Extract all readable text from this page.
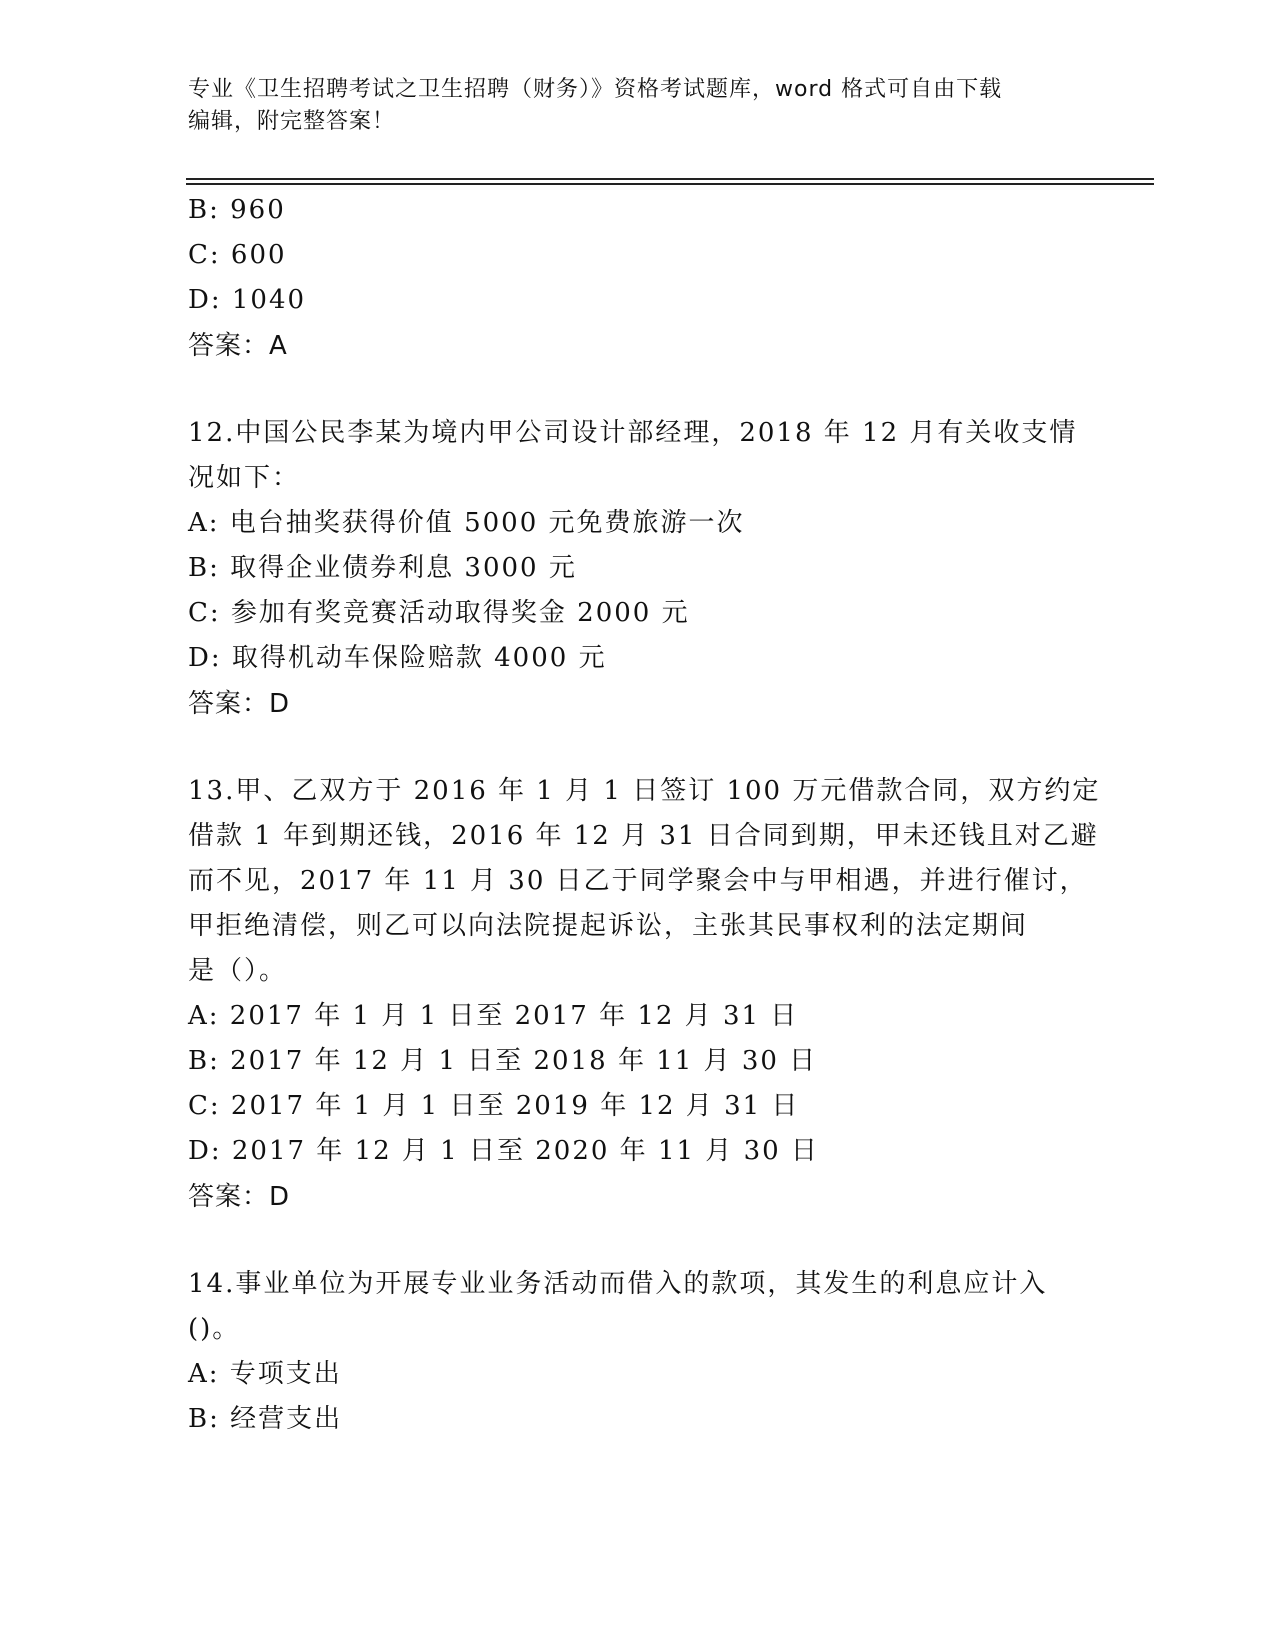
专业《卫生招聘考试之卫生招聘（财务）》资格考试题库，word 格式可自由下载
编辑，附完整答案！
B: 960
C: 600
D: 1040
答案：A
12.中国公民李某为境内甲公司设计部经理，2018 年 12 月有关收支情
况如下：
A: 电台抽奖获得价值 5000 元免费旅游一次
B: 取得企业债券利息 3000 元
C: 参加有奖竞赛活动取得奖金 2000 元
D: 取得机动车保险赔款 4000 元
答案：D
13.甲、乙双方于 2016 年 1 月 1 日签订 100 万元借款合同，双方约定
借款 1 年到期还钱，2016 年 12 月 31 日合同到期，甲未还钱且对乙避
而不见，2017 年 11 月 30 日乙于同学聚会中与甲相遇，并进行催讨，
甲拒绝清偿，则乙可以向法院提起诉讼，主张其民事权利的法定期间
是（）。
A: 2017 年 1 月 1 日至 2017 年 12 月 31 日
B: 2017 年 12 月 1 日至 2018 年 11 月 30 日
C: 2017 年 1 月 1 日至 2019 年 12 月 31 日
D: 2017 年 12 月 1 日至 2020 年 11 月 30 日
答案：D
14.事业单位为开展专业业务活动而借入的款项，其发生的利息应计入
()。
A: 专项支出
B: 经营支出
